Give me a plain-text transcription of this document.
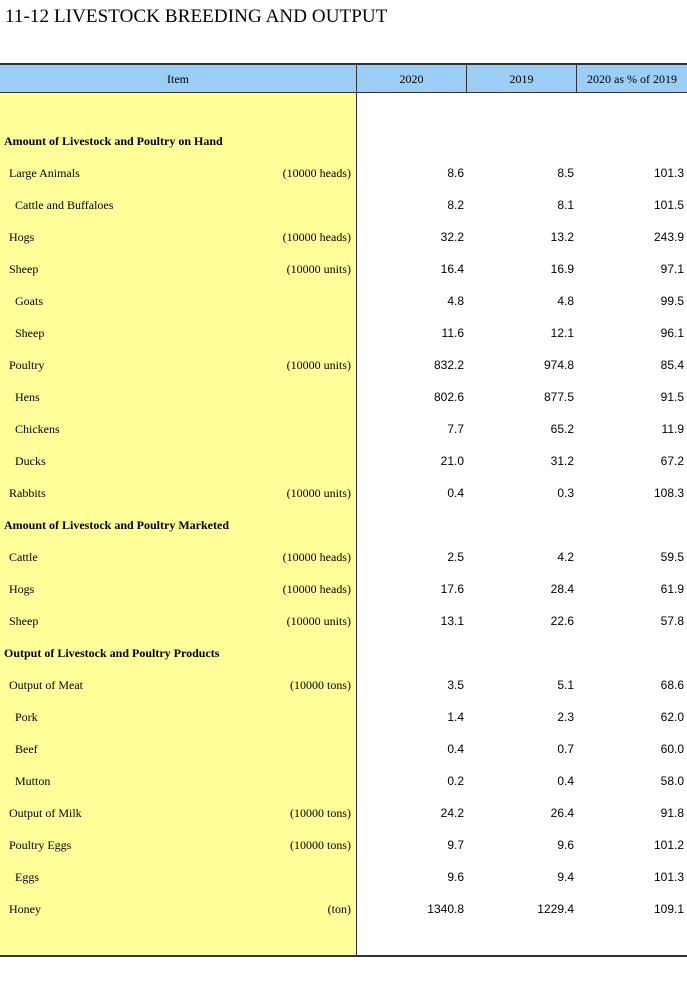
11-12 LIVESTOCK BREEDING AND OUTPUT
Item	2020	2019	2020 as % of 2019
Amount of Livestock and Poultry on Hand
Large Animals	(10000 heads)	8.6	8.5	101.3
Cattle and Buffaloes	8.2	8.1	101.5
Hogs	(10000 heads)	32.2	13.2	243.9
Sheep	(10000 units)	16.4	16.9	97.1
Goats	4.8	4.8	99.5
Sheep	11.6	12.1	96.1
Poultry	(10000 units)	832.2	974.8	85.4
Hens	802.6	877.5	91.5
Chickens	7.7	65.2	11.9
Ducks	21.0	31.2	67.2
Rabbits	(10000 units)	0.4	0.3	108.3
Amount of Livestock and Poultry Marketed
Cattle	(10000 heads)	2.5	4.2	59.5
Hogs	(10000 heads)	17.6	28.4	61.9
Sheep	(10000 units)	13.1	22.6	57.8
Output of Livestock and Poultry Products
Output of Meat	(10000 tons)	3.5	5.1	68.6
Pork	1.4	2.3	62.0
Beef	0.4	0.7	60.0
Mutton	0.2	0.4	58.0
Output of Milk	(10000 tons)	24.2	26.4	91.8
Poultry Eggs	(10000 tons)	9.7	9.6	101.2
Eggs	9.6	9.4	101.3
Honey	(ton)	1340.8	1229.4	109.1
